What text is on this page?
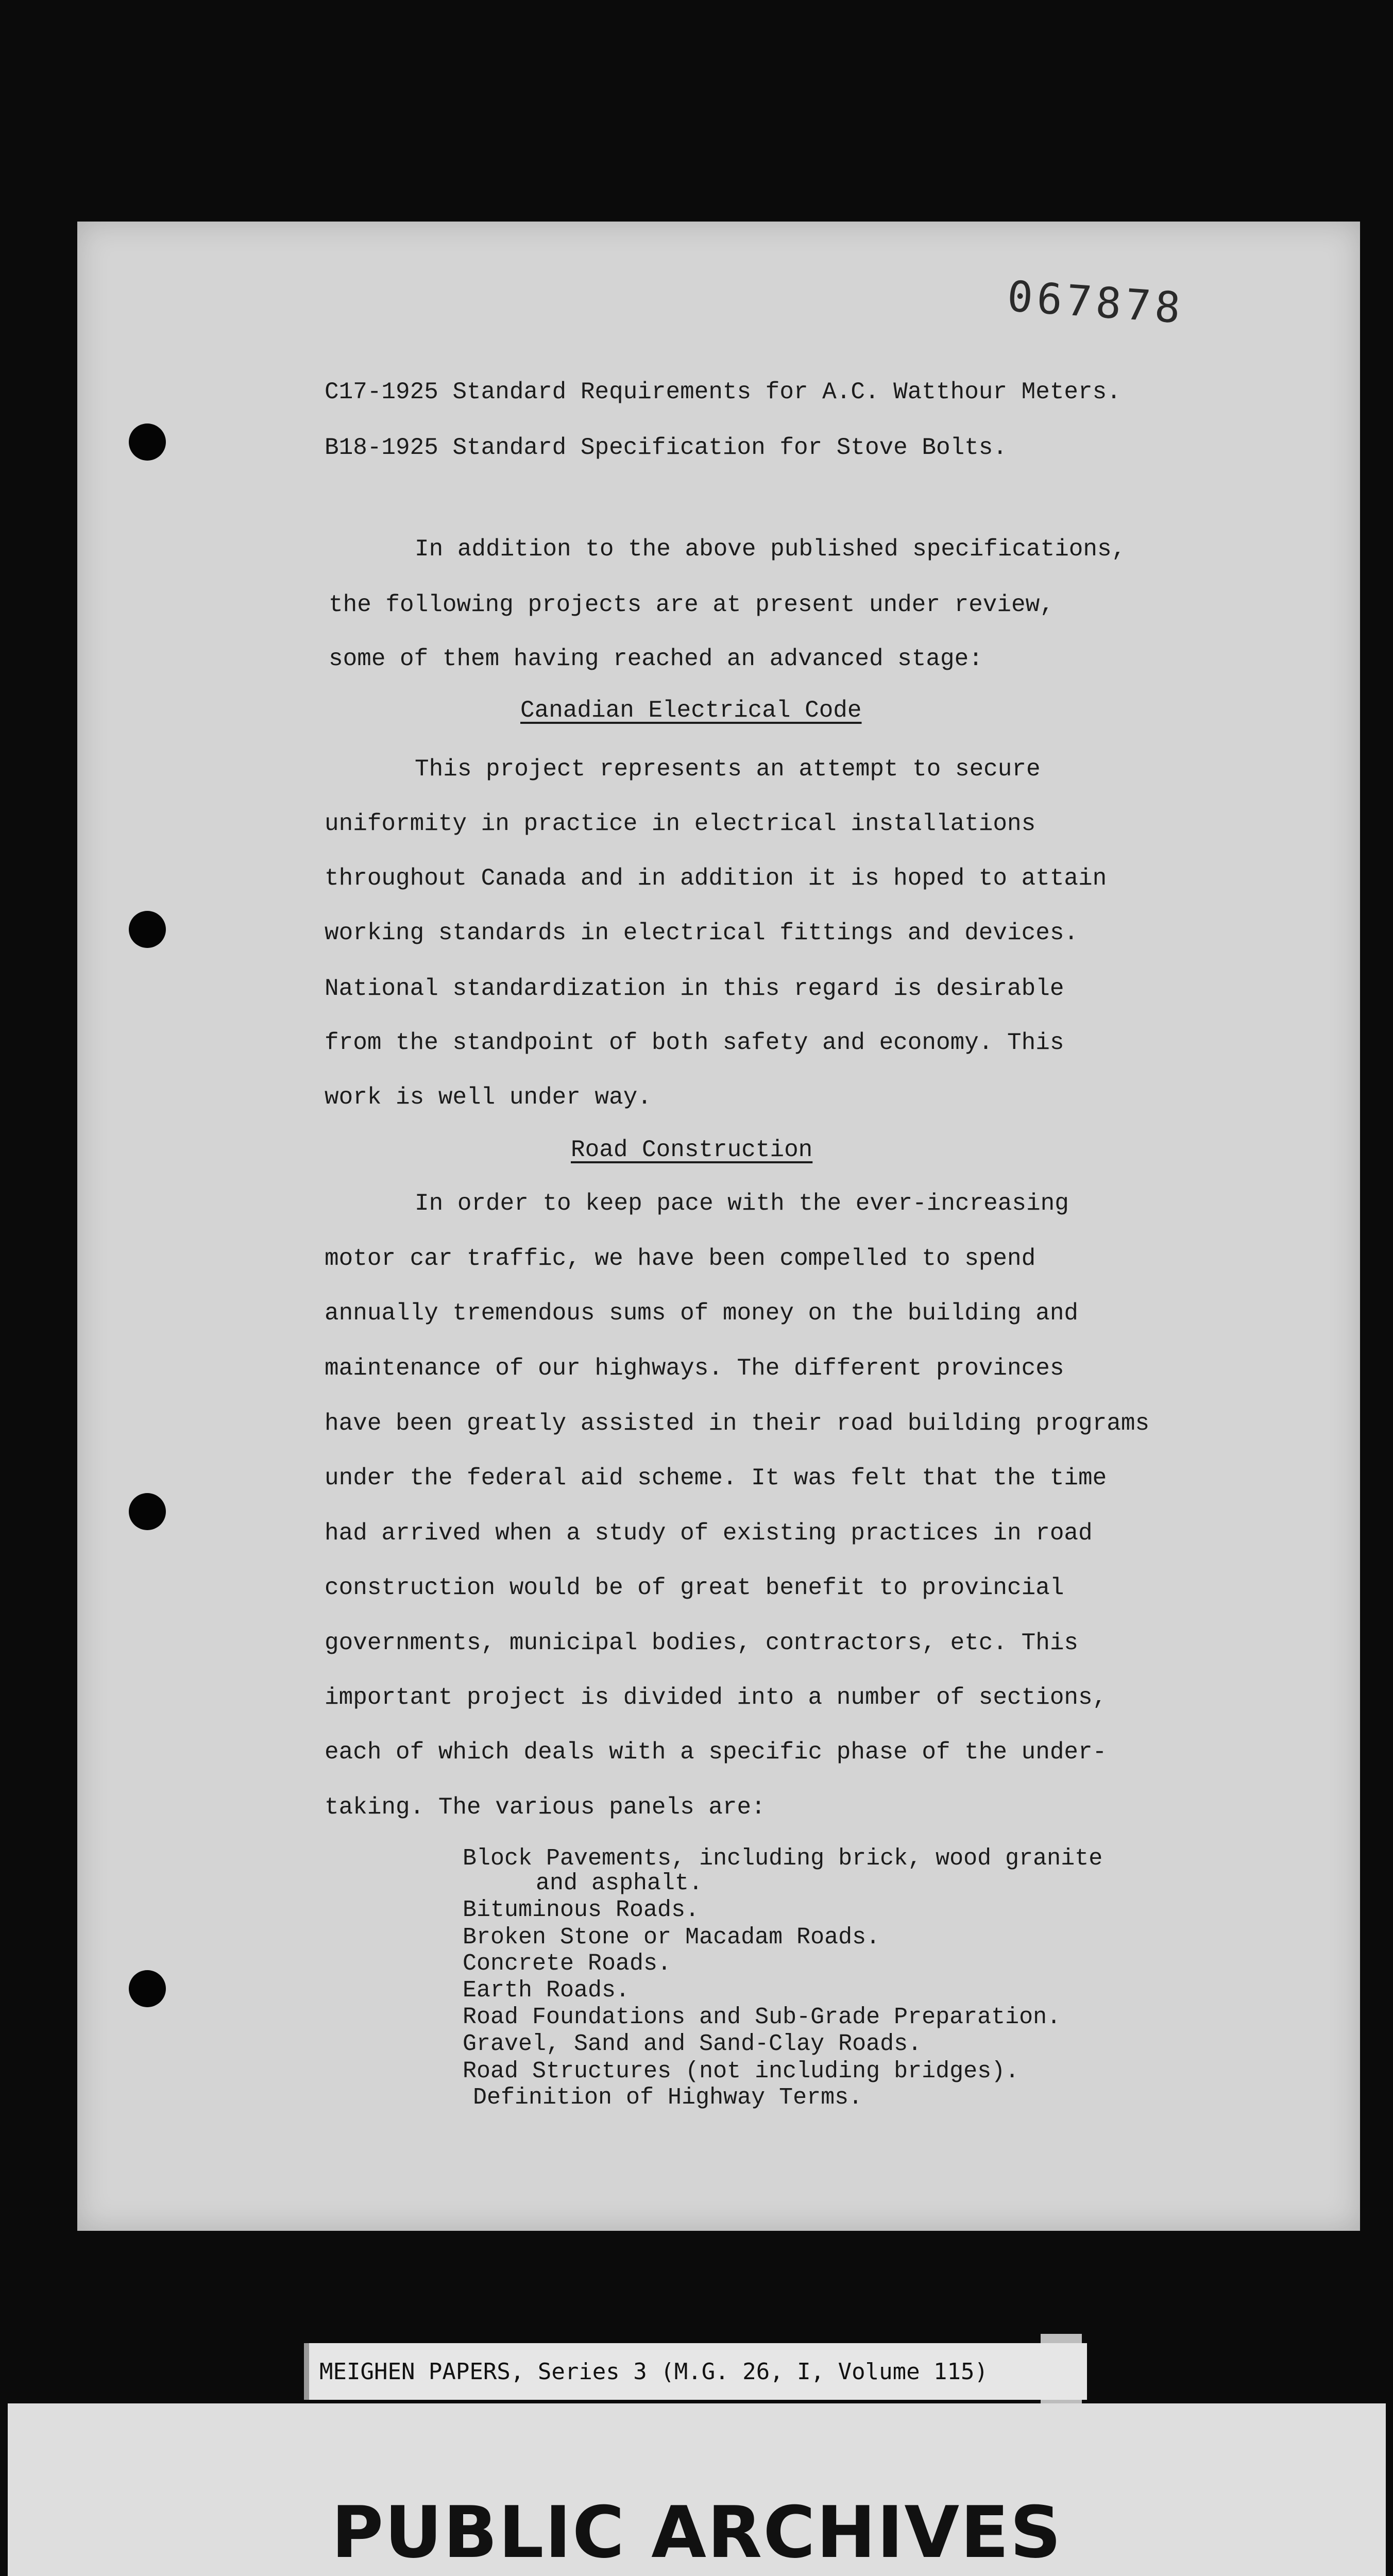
067878
C17-1925 Standard Requirements for A.C. Watthour Meters.
B18-1925 Standard Specification for Stove Bolts.
In addition to the above published specifications,
the following projects are at present under review,
some of them having reached an advanced stage:
Canadian Electrical Code
This project represents an attempt to secure
uniformity in practice in electrical installations
throughout Canada and in addition it is hoped to attain
working standards in electrical fittings and devices.
National standardization in this regard is desirable
from the standpoint of both safety and economy. This
work is well under way.
Road Construction
In order to keep pace with the ever-increasing
motor car traffic, we have been compelled to spend
annually tremendous sums of money on the building and
maintenance of our highways. The different provinces
have been greatly assisted in their road building programs
under the federal aid scheme. It was felt that the time
had arrived when a study of existing practices in road
construction would be of great benefit to provincial
governments, municipal bodies, contractors, etc. This
important project is divided into a number of sections,
each of which deals with a specific phase of the under-
taking. The various panels are:
Block Pavements, including brick, wood granite
and asphalt.
Bituminous Roads.
Broken Stone or Macadam Roads.
Concrete Roads.
Earth Roads.
Road Foundations and Sub-Grade Preparation.
Gravel, Sand and Sand-Clay Roads.
Road Structures (not including bridges).
Definition of Highway Terms.
MEIGHEN PAPERS, Series 3 (M.G. 26, I, Volume 115)
PUBLIC ARCHIVES
